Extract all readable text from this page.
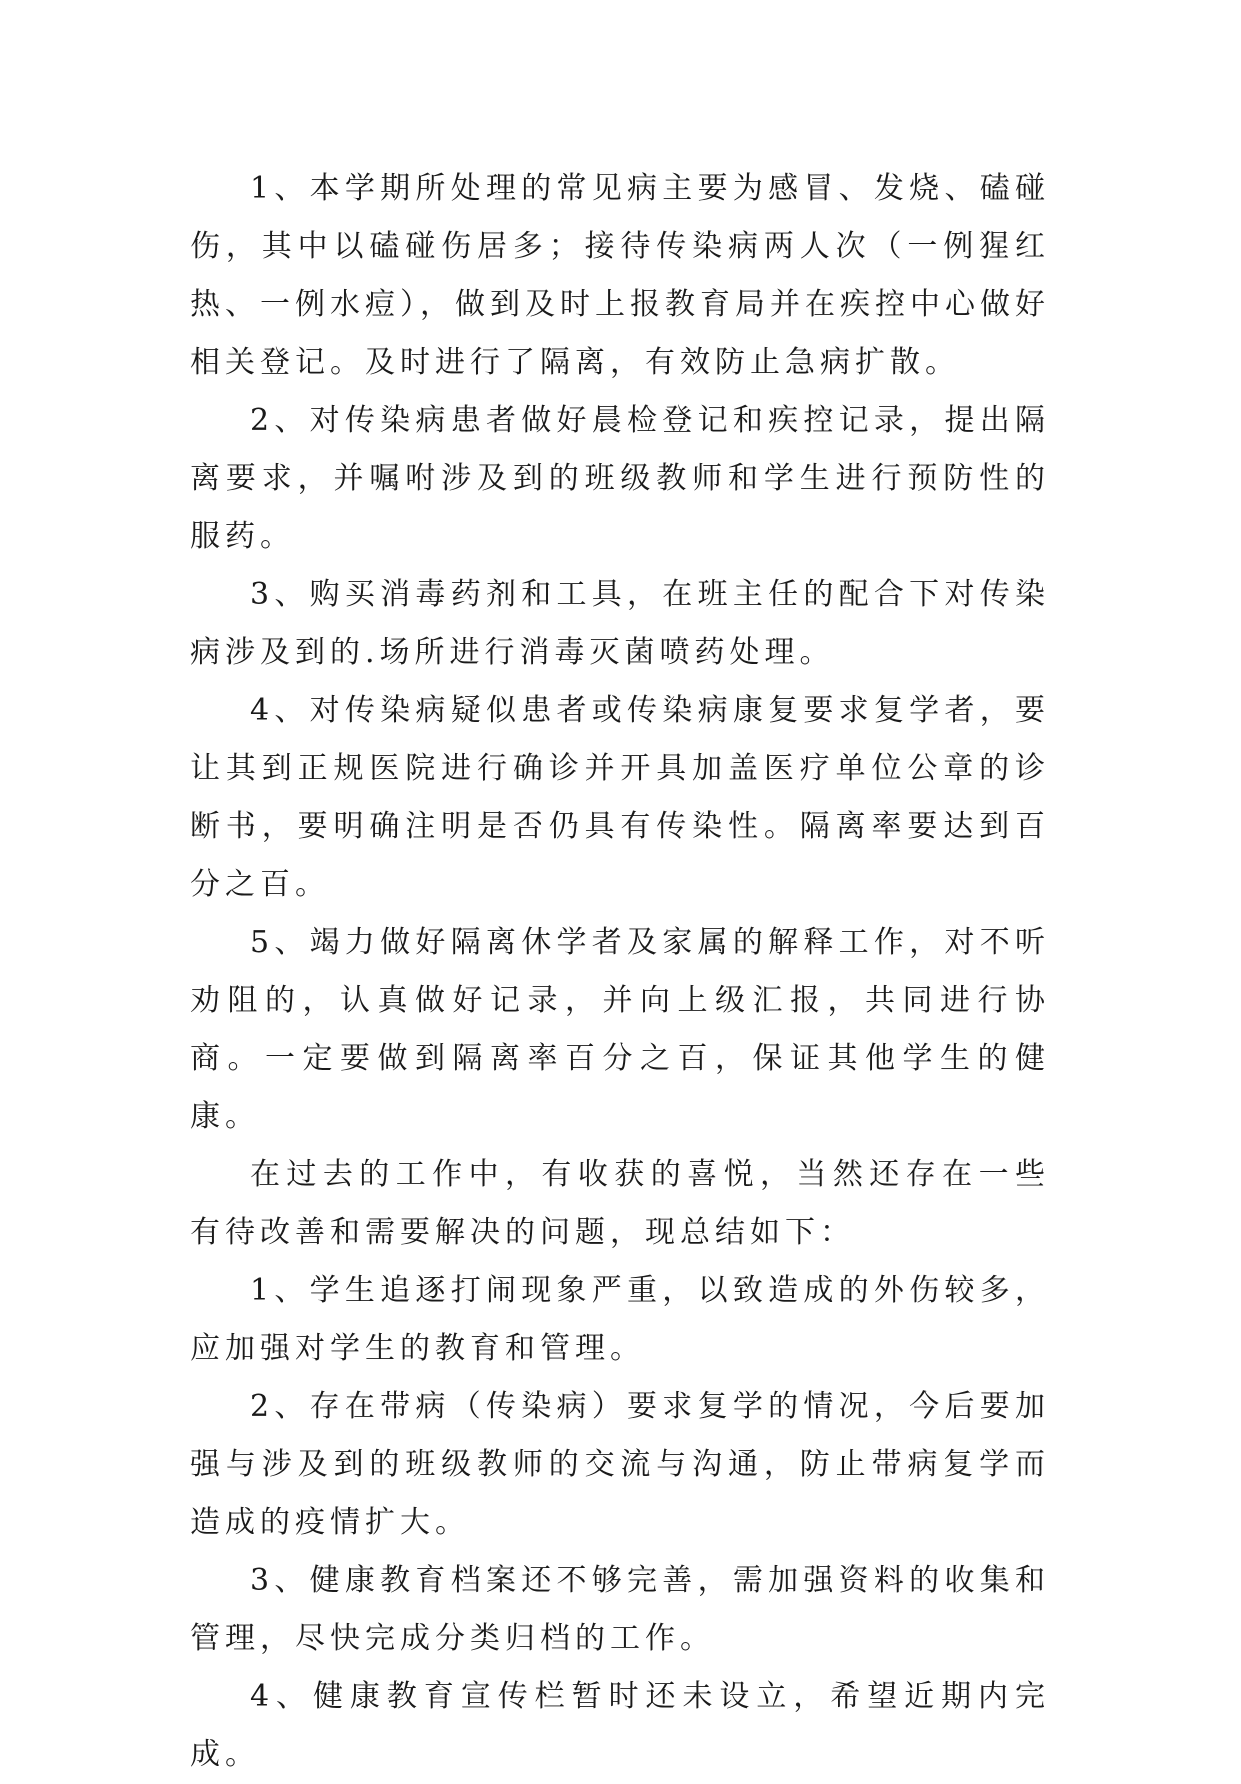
1、本学期所处理的常见病主要为感冒、发烧、磕碰伤，其中以磕碰伤居多；接待传染病两人次（一例猩红热、一例水痘），做到及时上报教育局并在疾控中心做好相关登记。及时进行了隔离，有效防止急病扩散。

2、对传染病患者做好晨检登记和疾控记录，提出隔离要求，并嘱咐涉及到的班级教师和学生进行预防性的服药。

3、购买消毒药剂和工具，在班主任的配合下对传染病涉及到的.场所进行消毒灭菌喷药处理。

4、对传染病疑似患者或传染病康复要求复学者，要让其到正规医院进行确诊并开具加盖医疗单位公章的诊断书，要明确注明是否仍具有传染性。隔离率要达到百分之百。

5、竭力做好隔离休学者及家属的解释工作，对不听劝阻的，认真做好记录，并向上级汇报，共同进行协商。一定要做到隔离率百分之百，保证其他学生的健康。

在过去的工作中，有收获的喜悦，当然还存在一些有待改善和需要解决的问题，现总结如下：

1、学生追逐打闹现象严重，以致造成的外伤较多，应加强对学生的教育和管理。

2、存在带病（传染病）要求复学的情况，今后要加强与涉及到的班级教师的交流与沟通，防止带病复学而造成的疫情扩大。

3、健康教育档案还不够完善，需加强资料的收集和管理，尽快完成分类归档的工作。

4、健康教育宣传栏暂时还未设立，希望近期内完成。
